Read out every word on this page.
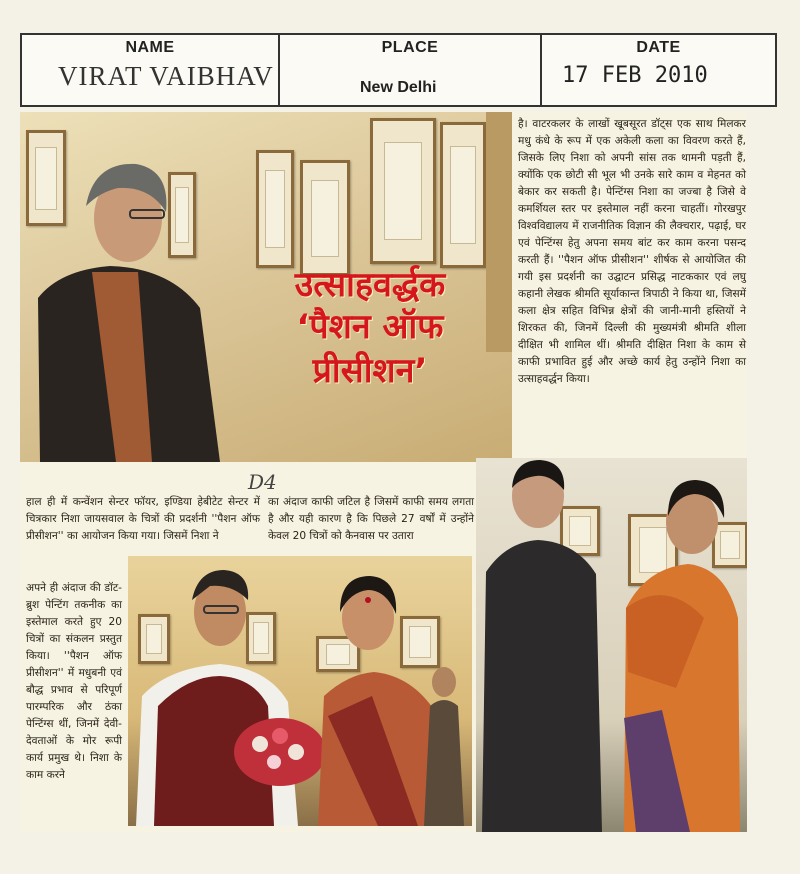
NAME
VIRAT VAIBHAV
PLACE
New Delhi
DATE
17 FEB 2010
उत्साहवर्द्धक
‘पैशन ऑफ
प्रीसीशन’

है। वाटरकलर के लाखों खूबसूरत डॉट्स एक साथ मिलकर मधु कंधे के रूप में एक अकेली कला का विवरण करते हैं, जिसके लिए निशा को अपनी सांस तक थामनी पड़ती हैं, क्योंकि एक छोटी सी भूल भी उनके सारे काम व मेहनत को बेकार कर सकती है। पेन्टिंग्स निशा का जज्बा है जिसे वे कमर्शियल स्तर पर इस्तेमाल नहीं करना चाहतीं। गोरखपुर विश्वविद्यालय में राजनीतिक विज्ञान की लैक्चरार, पढ़ाई, घर एवं पेन्टिंग्स हेतु अपना समय बांट कर काम करना पसन्द करती हैं। ''पैशन ऑफ प्रीसीशन'' शीर्षक से आयोजित की गयी इस प्रदर्शनी का उद्घाटन प्रसिद्ध नाटककार एवं लघु कहानी लेखक श्रीमति सूर्याकान्त त्रिपाठी ने किया था, जिसमें कला क्षेत्र सहित विभिन्न क्षेत्रों की जानी-मानी हस्तियों ने शिरकत की, जिनमें दिल्ली की मुख्यमंत्री श्रीमति शीला दीक्षित भी शामिल थीं। श्रीमति दीक्षित निशा के काम से काफी प्रभावित हुई और अच्छे कार्य हेतु उन्होंने निशा का उत्साहवर्द्धन किया।

D4

हाल ही में कन्वेंशन सेन्टर फॉयर, इण्डिया हेबीटेट सेन्टर में चित्रकार निशा जायसवाल के चित्रों की प्रदर्शनी ''पैशन ऑफ प्रीसीशन'' का आयोजन किया गया। जिसमें निशा ने

का अंदाज काफी जटिल है जिसमें काफी समय लगता है और यही कारण है कि पिछले 27 वर्षों में उन्होंने केवल 20 चित्रों को कैनवास पर उतारा

अपने ही अंदाज की डॉट-ब्रुश पेन्टिंग तकनीक का इस्तेमाल करते हुए 20 चित्रों का संकलन प्रस्तुत किया। ''पैशन ऑफ प्रीसीशन'' में मधुबनी एवं बौद्ध प्रभाव से परिपूर्ण पारम्परिक और ठंका पेन्टिंग्स थीं, जिनमें देवी-देवताओं के मोर रूपी कार्य प्रमुख थे। निशा के काम करने
